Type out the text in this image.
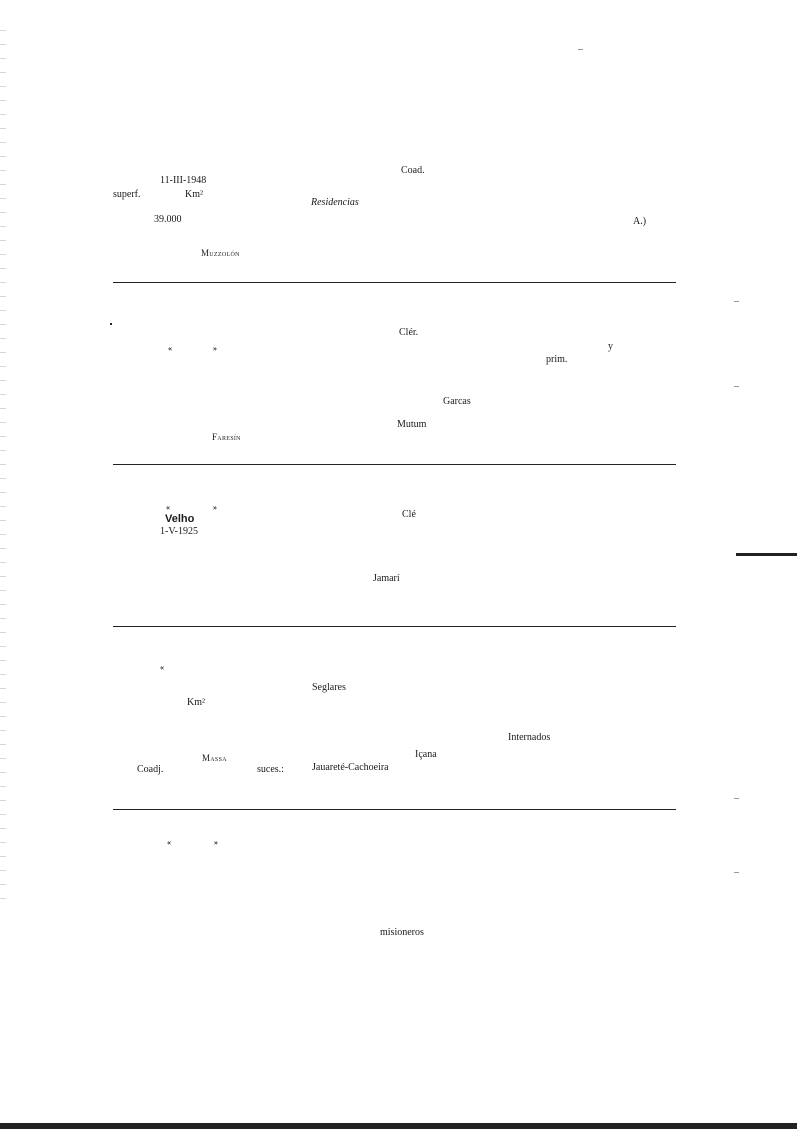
11-III-1948
superf.	Km²
Coad.
Residencias
39.000	A.)
Muzzolón
Clér.
«	»	y
prim.
Garcas
Mutum
Faresín
«	»
Velho	Clé
1-V-1925
Jamarí
«
Seglares
Km²
Internados
Massa	Içana
Coadj.	suces.:	Jauareté-Cachoeira
«	»
misioneros
